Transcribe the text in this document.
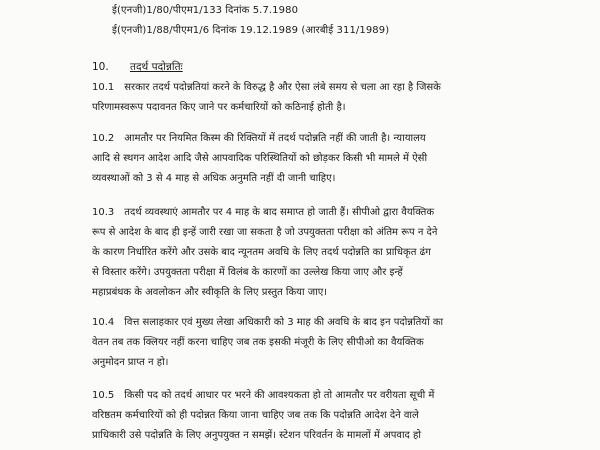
ई(एनजी)1/80/पीएम1/133 दिनांक 5.7.1980
ई(एनजी)1/88/पीएम1/6 दिनांक 19.12.1989 (आरबीई 311/1989)
10. तदर्थ पदोन्नतिः
10.1 सरकार तदर्थ पदोन्नतियां करने के विरुद्ध है और ऐसा लंबे समय से चला आ रहा है जिसके
परिणामस्वरूप पदावनत किए जाने पर कर्मचारियों को कठिनाई होती है।
10.2 आमतौर पर नियमित किस्म की रिक्तियों में तदर्थ पदोन्नति नहीं की जाती है। न्यायालय
आदि से स्थगन आदेश आदि जैसे आपवादिक परिस्थितियों को छोड़कर किसी भी मामले में ऐसी
व्यवस्थाओं को 3 से 4 माह से अधिक अनुमति नहीं दी जानी चाहिए।
10.3 तदर्थ व्यवस्थाएं आमतौर पर 4 माह के बाद समाप्त हो जाती हैं। सीपीओ द्वारा वैयक्तिक
रूप से आदेश के बाद ही इन्हें जारी रखा जा सकता है जो उपयुक्तता परीक्षा को अंतिम रूप न देने
के कारण निर्धारित करेंगे और उसके बाद न्यूनतम अवधि के लिए तदर्थ पदोन्नति का प्राधिकृत ढंग
से विस्तार करेंगे। उपयुक्तता परीक्षा में विलंब के कारणों का उल्लेख किया जाए और इन्हें
महाप्रबंधक के अवलोकन और स्वीकृति के लिए प्रस्तुत किया जाए।
10.4 वित्त सलाहकार एवं मुख्य लेखा अधिकारी को 3 माह की अवधि के बाद इन पदोन्नतियों का
वेतन तब तक क्लियर नहीं करना चाहिए जब तक इसकी मंजूरी के लिए सीपीओ का वैयक्तिक
अनुमोदन प्राप्त न हो।
10.5 किसी पद को तदर्थ आधार पर भरने की आवश्यकता हो तो आमतौर पर वरीयता सूची में
वरिष्ठतम कर्मचारियों को ही पदोन्नत किया जाना चाहिए जब तक कि पदोन्नति आदेश देने वाले
प्राधिकारी उसे पदोन्नति के लिए अनुपयुक्त न समझें। स्टेशन परिवर्तन के मामलों में अपवाद हो
